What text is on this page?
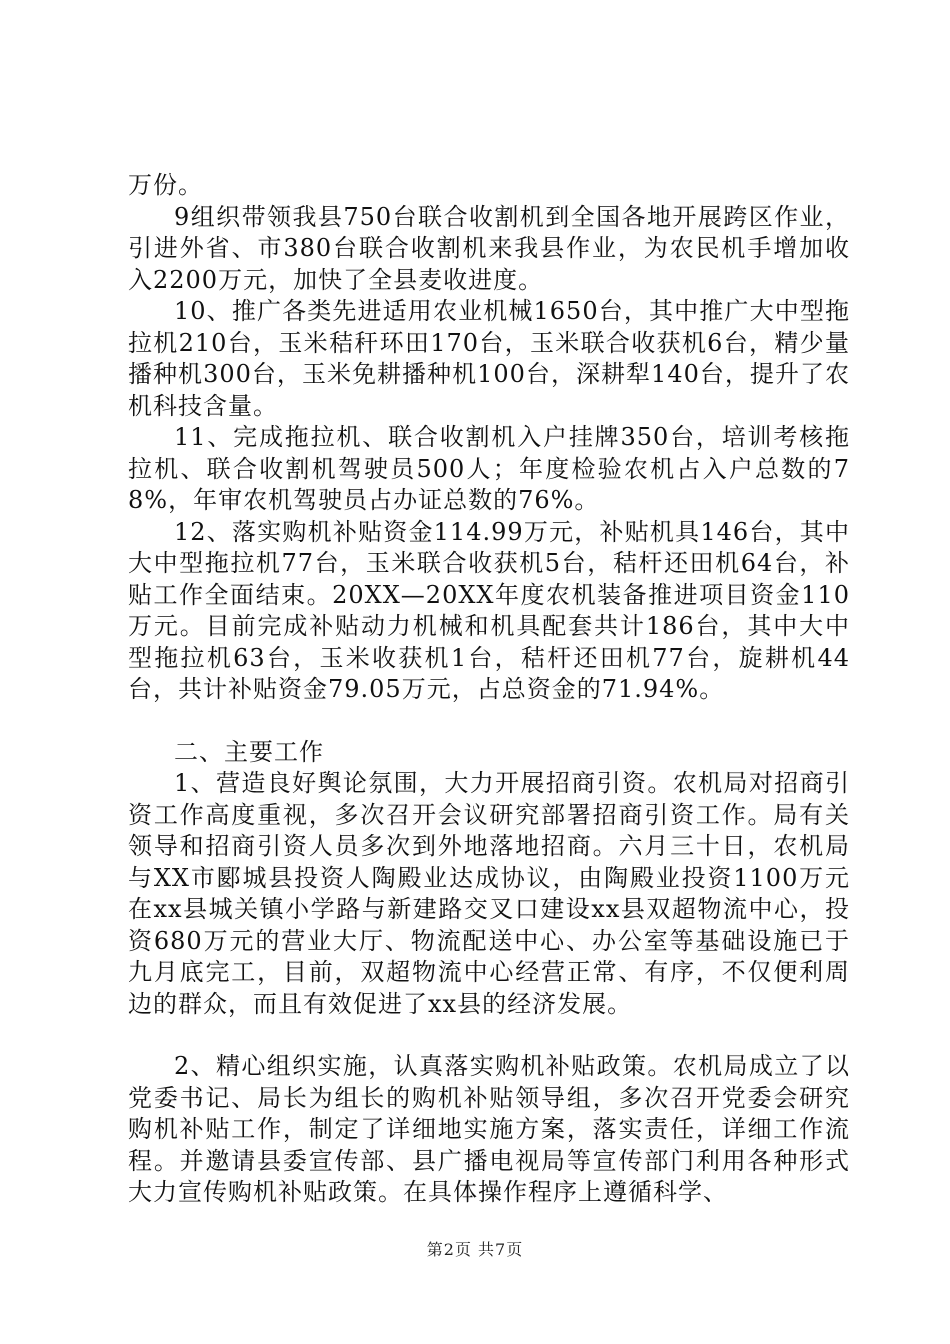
万份。

9组织带领我县750台联合收割机到全国各地开展跨区作业，引进外省、市380台联合收割机来我县作业，为农民机手增加收入2200万元，加快了全县麦收进度。

10、推广各类先进适用农业机械1650台，其中推广大中型拖拉机210台，玉米秸秆环田170台，玉米联合收获机6台，精少量播种机300台，玉米免耕播种机100台，深耕犁140台，提升了农机科技含量。

11、完成拖拉机、联合收割机入户挂牌350台，培训考核拖拉机、联合收割机驾驶员500人；年度检验农机占入户总数的78%，年审农机驾驶员占办证总数的76%。

12、落实购机补贴资金114.99万元，补贴机具146台，其中大中型拖拉机77台，玉米联合收获机5台，秸杆还田机64台，补贴工作全面结束。20XX—20XX年度农机装备推进项目资金110万元。目前完成补贴动力机械和机具配套共计186台，其中大中型拖拉机63台，玉米收获机1台，秸杆还田机77台，旋耕机44台，共计补贴资金79.05万元，占总资金的71.94%。

二、主要工作

1、营造良好舆论氛围，大力开展招商引资。农机局对招商引资工作高度重视，多次召开会议研究部署招商引资工作。局有关领导和招商引资人员多次到外地落地招商。六月三十日，农机局与XX市郾城县投资人陶殿业达成协议，由陶殿业投资1100万元在xx县城关镇小学路与新建路交叉口建设xx县双超物流中心，投资680万元的营业大厅、物流配送中心、办公室等基础设施已于九月底完工，目前，双超物流中心经营正常、有序，不仅便利周边的群众，而且有效促进了xx县的经济发展。

2、精心组织实施，认真落实购机补贴政策。农机局成立了以党委书记、局长为组长的购机补贴领导组，多次召开党委会研究购机补贴工作，制定了详细地实施方案，落实责任，详细工作流程。并邀请县委宣传部、县广播电视局等宣传部门利用各种形式大力宣传购机补贴政策。在具体操作程序上遵循科学、

第2页 共7页
